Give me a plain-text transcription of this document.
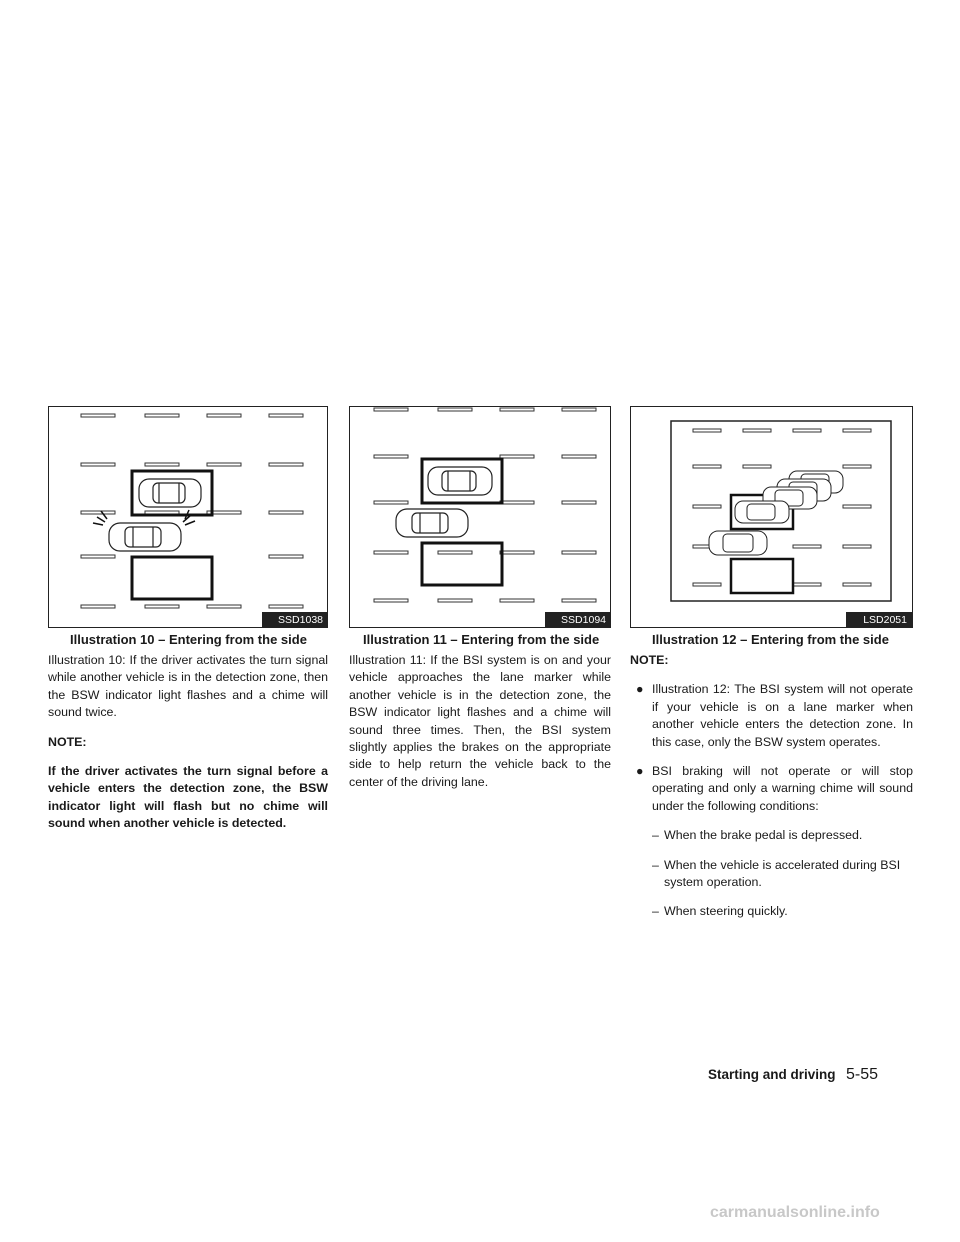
SSD1038
Illustration 10 – Entering from the side
SSD1094
Illustration 11 – Entering from the side
LSD2051
Illustration 12 – Entering from the side

Illustration 10: If the driver activates the turn signal while another vehicle is in the detection zone, then the BSW indicator light flashes and a chime will sound twice.

NOTE:

If the driver activates the turn signal before a vehicle enters the detection zone, the BSW indicator light will flash but no chime will sound when another vehicle is detected.

Illustration 11: If the BSI system is on and your vehicle approaches the lane marker while another vehicle is in the detection zone, the BSW indicator light flashes and a chime will sound three times. Then, the BSI system slightly applies the brakes on the appropriate side to help return the vehicle back to the center of the driving lane.

NOTE:

● Illustration 12: The BSI system will not operate if your vehicle is on a lane marker when another vehicle enters the detection zone. In this case, only the BSW system operates.
● BSI braking will not operate or will stop operating and only a warning chime will sound under the following conditions:
– When the brake pedal is depressed.
– When the vehicle is accelerated during BSI system operation.
– When steering quickly.
Starting and driving 5-55
carmanualsonline.info
